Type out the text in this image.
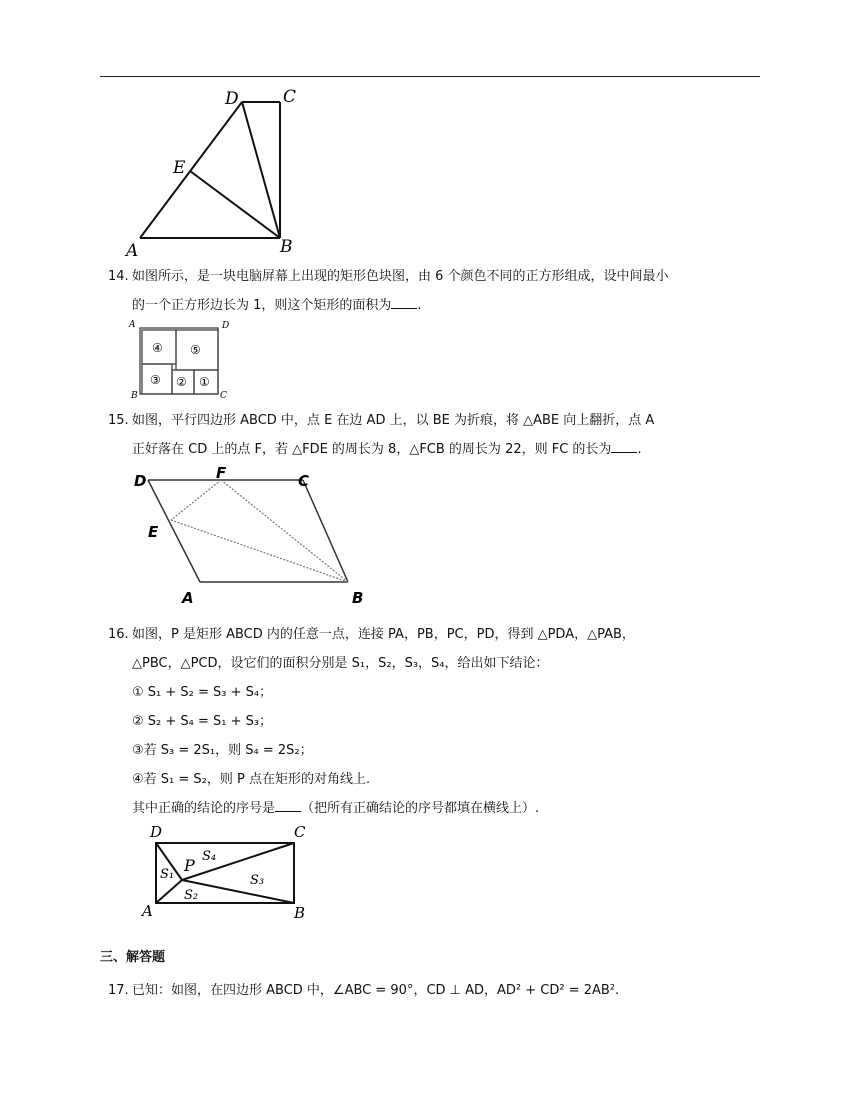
D	C
E
A	B
14. 如图所示，是一块电脑屏幕上出现的矩形色块图，由 6 个颜色不同的正方形组成，设中间最小
的一个正方形边长为 1，则这个矩形的面积为 .
A	D
B	C
④ ⑤
③ ② ①
15. 如图，平行四边形 ABCD 中，点 E 在边 AD 上，以 BE 为折痕，将 △ABE 向上翻折，点 A
正好落在 CD 上的点 F，若 △FDE 的周长为 8，△FCB 的周长为 22，则 FC 的长为 .
D	F	C
E
A	B
16. 如图，P 是矩形 ABCD 内的任意一点，连接 PA，PB，PC，PD，得到 △PDA，△PAB，
△PBC，△PCD，设它们的面积分别是 S₁，S₂，S₃，S₄，给出如下结论：
① S₁ + S₂ = S₃ + S₄；
② S₂ + S₄ = S₁ + S₃；
③若 S₃ = 2S₁，则 S₄ = 2S₂；
④若 S₁ = S₂，则 P 点在矩形的对角线上.
其中正确的结论的序号是 （把所有正确结论的序号都填在横线上）.
D	C
A	B
P
S₁
S₂
S₃
S₄
三、解答题
17. 已知：如图，在四边形 ABCD 中，∠ABC = 90°，CD ⊥ AD，AD² + CD² = 2AB².
